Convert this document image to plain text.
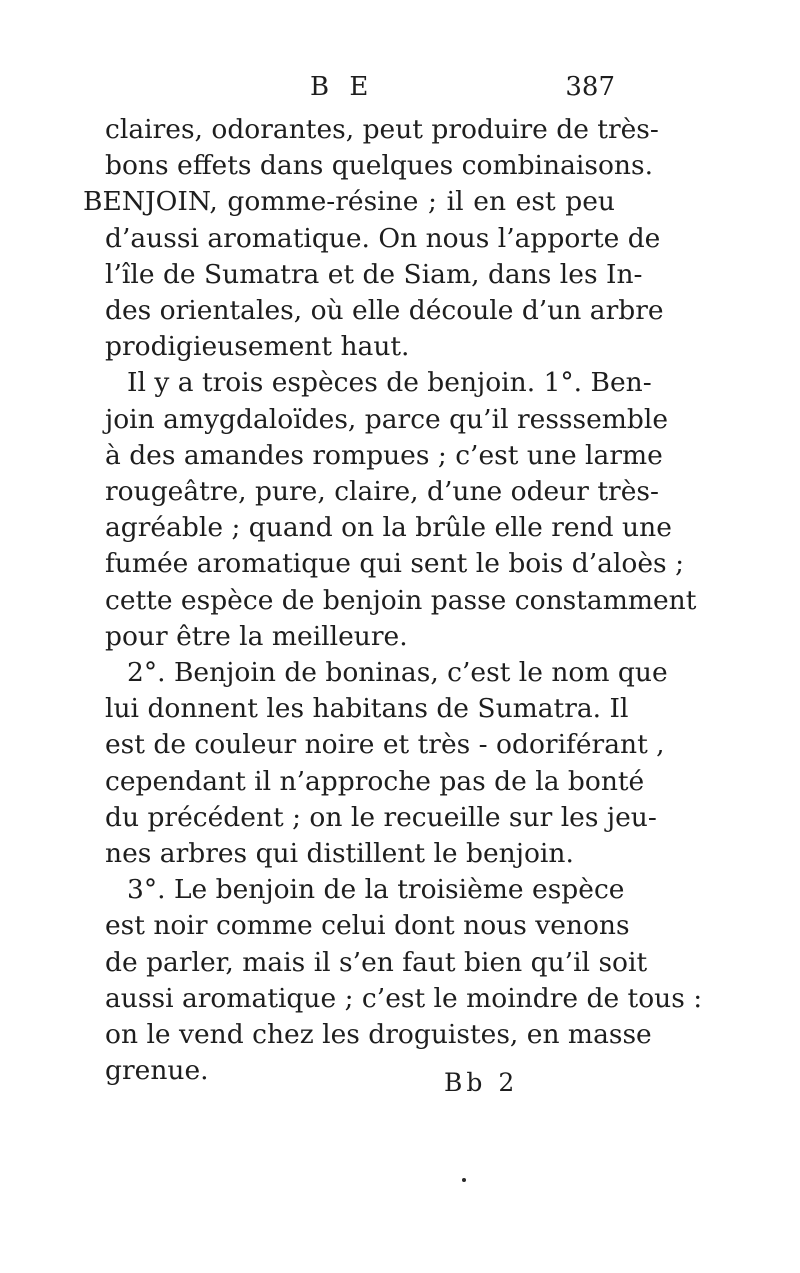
B E	387
claires, odorantes, peut produire de très-
bons effets dans quelques combinaisons.
BENJOIN, gomme-résine ; il en est peu
d’aussi aromatique. On nous l’apporte de
l’île de Sumatra et de Siam, dans les In-
des orientales, où elle découle d’un arbre
prodigieusement haut.
Il y a trois espèces de benjoin. 1°. Ben-
join amygdaloïdes, parce qu’il resssemble
à des amandes rompues ; c’est une larme
rougeâtre, pure, claire, d’une odeur très-
agréable ; quand on la brûle elle rend une
fumée aromatique qui sent le bois d’aloès ;
cette espèce de benjoin passe constamment
pour être la meilleure.
2°. Benjoin de boninas, c’est le nom que
lui donnent les habitans de Sumatra. Il
est de couleur noire et très - odoriférant ,
cependant il n’approche pas de la bonté
du précédent ; on le recueille sur les jeu-
nes arbres qui distillent le benjoin.
3°. Le benjoin de la troisième espèce
est noir comme celui dont nous venons
de parler, mais il s’en faut bien qu’il soit
aussi aromatique ; c’est le moindre de tous :
on le vend chez les droguistes, en masse
grenue.	Bb 2
